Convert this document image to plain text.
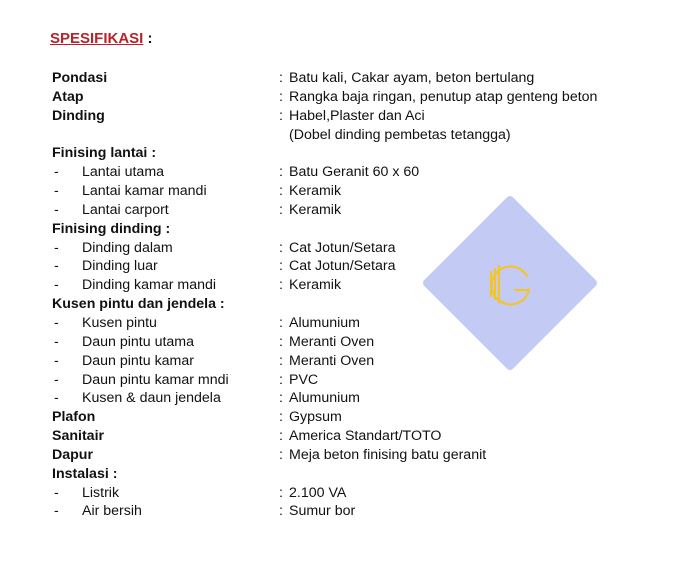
SPESIFIKASI :
Pondasi	: Batu kali, Cakar ayam, beton bertulang
Atap	: Rangka baja ringan, penutup atap genteng beton
Dinding	: Habel,Plaster dan Aci
(Dobel dinding pembetas tetangga)
Finising lantai :
- Lantai utama	: Batu Geranit 60 x 60
- Lantai kamar mandi	: Keramik
- Lantai carport	: Keramik
Finising dinding :
- Dinding dalam	: Cat Jotun/Setara
- Dinding luar	: Cat Jotun/Setara
- Dinding kamar mandi	: Keramik
Kusen pintu dan jendela :
- Kusen pintu	: Alumunium
- Daun pintu utama	: Meranti Oven
- Daun pintu kamar	: Meranti Oven
- Daun pintu kamar mndi	: PVC
- Kusen & daun jendela	: Alumunium
Plafon	: Gypsum
Sanitair	: America Standart/TOTO
Dapur	: Meja beton finising batu geranit
Instalasi :
- Listrik	: 2.100 VA
- Air bersih	: Sumur bor
